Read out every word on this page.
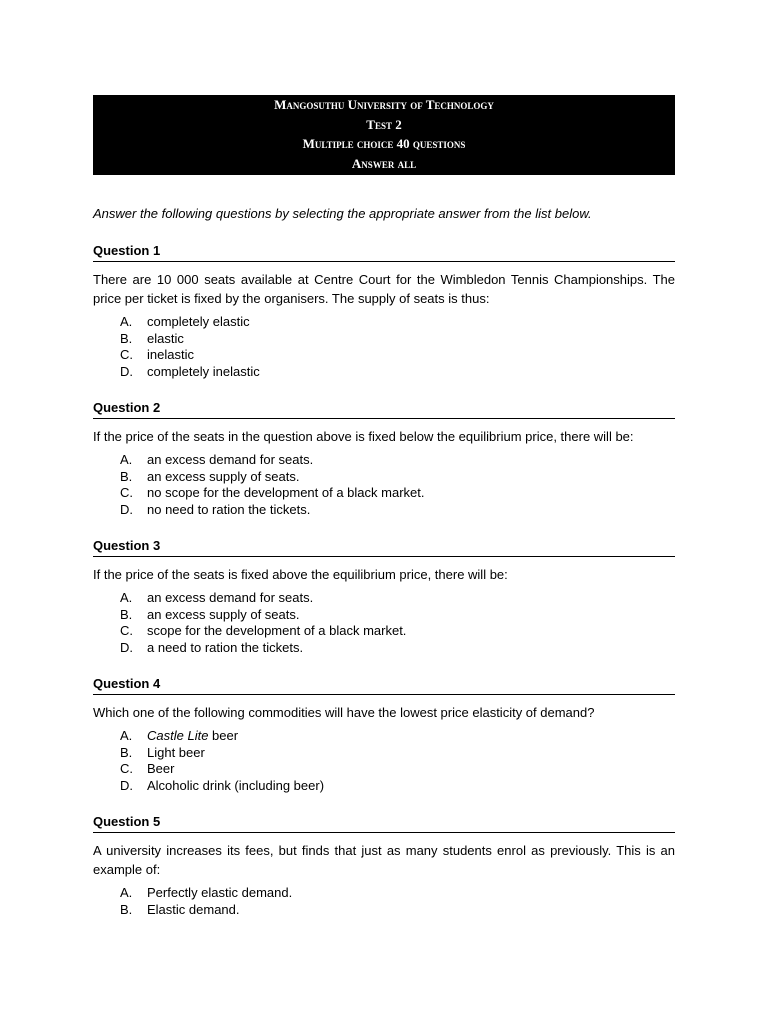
Mangosuthu University of Technology
Test 2
Multiple choice 40 questions
Answer all
Answer the following questions by selecting the appropriate answer from the list below.
Question 1
There are 10 000 seats available at Centre Court for the Wimbledon Tennis Championships. The price per ticket is fixed by the organisers. The supply of seats is thus:
A.	completely elastic
B.	elastic
C.	inelastic
D.	completely inelastic
Question 2
If the price of the seats in the question above is fixed below the equilibrium price, there will be:
A.	an excess demand for seats.
B.	an excess supply of seats.
C.	no scope for the development of a black market.
D.	no need to ration the tickets.
Question 3
If the price of the seats is fixed above the equilibrium price, there will be:
A.	an excess demand for seats.
B.	an excess supply of seats.
C.	scope for the development of a black market.
D.	a need to ration the tickets.
Question 4
Which one of the following commodities will have the lowest price elasticity of demand?
A.	Castle Lite beer
B.	Light beer
C.	Beer
D.	Alcoholic drink (including beer)
Question 5
A university increases its fees, but finds that just as many students enrol as previously. This is an example of:
A.	Perfectly elastic demand.
B.	Elastic demand.
